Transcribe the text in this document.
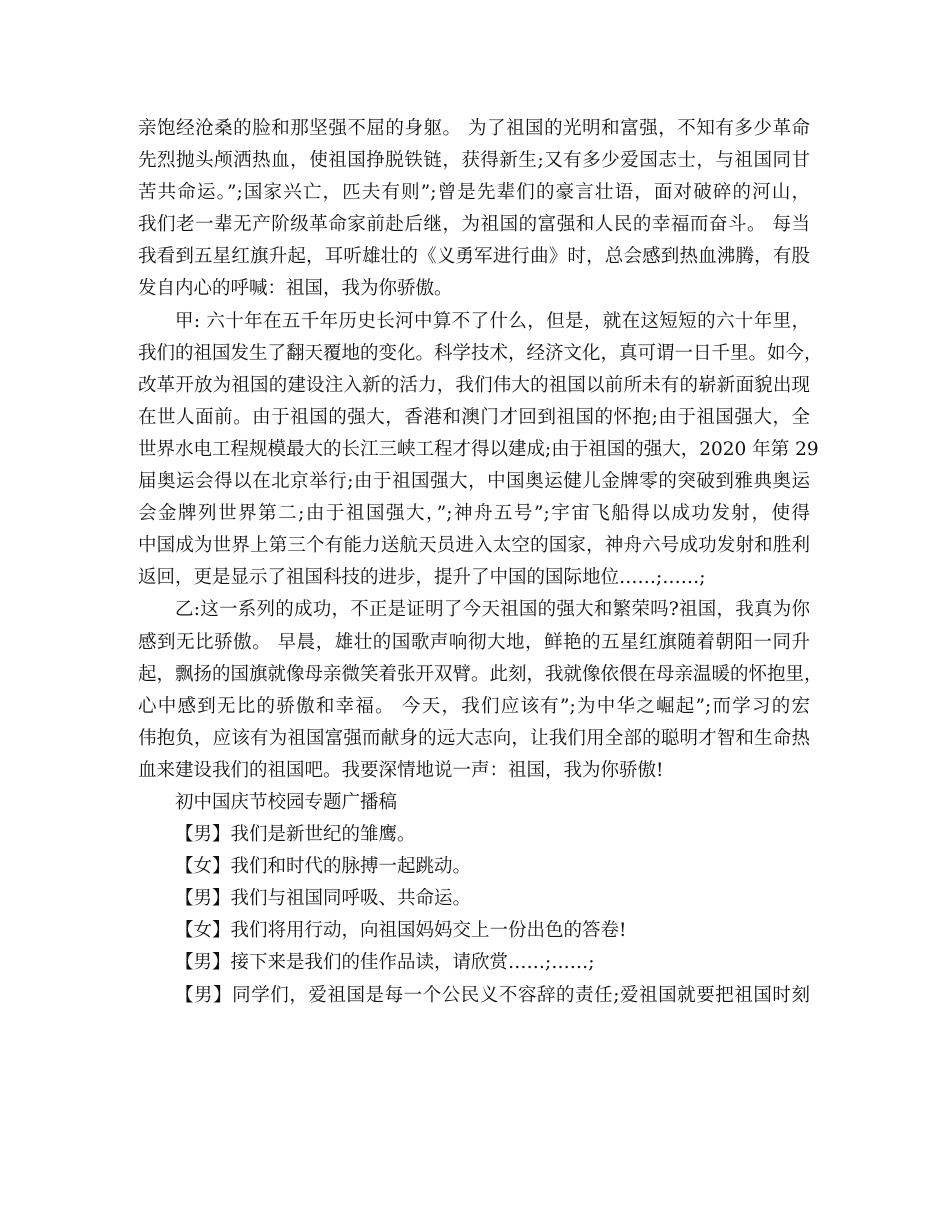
亲饱经沧桑的脸和那坚强不屈的身躯。 为了祖国的光明和富强，不知有多少革命
先烈抛头颅洒热血，使祖国挣脱铁链，获得新生;又有多少爱国志士，与祖国同甘
苦共命运。”;国家兴亡，匹夫有则”;曾是先辈们的豪言壮语，面对破碎的河山，
我们老一辈无产阶级革命家前赴后继，为祖国的富强和人民的幸福而奋斗。 每当
我看到五星红旗升起，耳听雄壮的《义勇军进行曲》时，总会感到热血沸腾，有股
发自内心的呼喊：祖国，我为你骄傲。
甲: 六十年在五千年历史长河中算不了什么，但是，就在这短短的六十年里，
我们的祖国发生了翻天覆地的变化。科学技术，经济文化，真可谓一日千里。如今，
改革开放为祖国的建设注入新的活力，我们伟大的祖国以前所未有的崭新面貌出现
在世人面前。由于祖国的强大，香港和澳门才回到祖国的怀抱;由于祖国强大，全
世界水电工程规模最大的长江三峡工程才得以建成;由于祖国的强大，2020 年第 29
届奥运会得以在北京举行;由于祖国强大，中国奥运健儿金牌零的突破到雅典奥运
会金牌列世界第二;由于祖国强大，”;神舟五号”;宇宙飞船得以成功发射，使得
中国成为世界上第三个有能力送航天员进入太空的国家，神舟六号成功发射和胜利
返回，更是显示了祖国科技的进步，提升了中国的国际地位……;……;
乙:这一系列的成功，不正是证明了今天祖国的强大和繁荣吗?祖国，我真为你
感到无比骄傲。 早晨，雄壮的国歌声响彻大地，鲜艳的五星红旗随着朝阳一同升
起，飘扬的国旗就像母亲微笑着张开双臂。此刻，我就像依偎在母亲温暖的怀抱里，
心中感到无比的骄傲和幸福。 今天，我们应该有”;为中华之崛起”;而学习的宏
伟抱负，应该有为祖国富强而献身的远大志向，让我们用全部的聪明才智和生命热
血来建设我们的祖国吧。我要深情地说一声：祖国，我为你骄傲!
初中国庆节校园专题广播稿
【男】我们是新世纪的雏鹰。
【女】我们和时代的脉搏一起跳动。
【男】我们与祖国同呼吸、共命运。
【女】我们将用行动，向祖国妈妈交上一份出色的答卷!
【男】接下来是我们的佳作品读，请欣赏……;……;
【男】同学们，爱祖国是每一个公民义不容辞的责任;爱祖国就要把祖国时刻
